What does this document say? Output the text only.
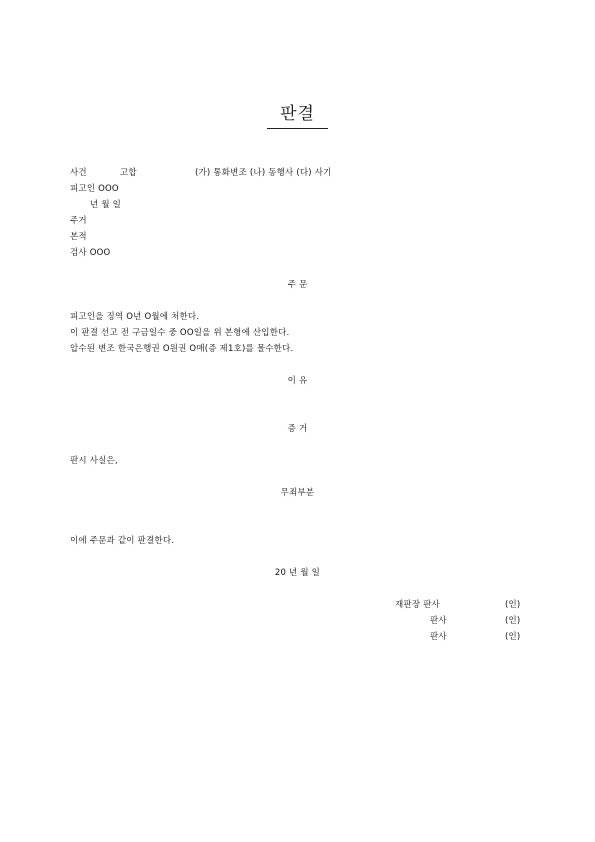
판결
사건	고합	(가) 통화변조 (나) 동행사 (다) 사기
피고인 OOO
년 월 일
주거
본적
검사 OOO
주 문
피고인을 징역 O년 O월에 처한다.
이 판결 선고 전 구금일수 중 OO일을 위 본형에 산입한다.
압수된 변조 한국은행권 O원권 O매(증 제1호)를 몰수한다.
이 유
증 거
판시 사실은,
무죄부분
이에 주문과 같이 판결한다.
20 년 월 일
재판장 판사	(인)
판사	(인)
판사	(인)
